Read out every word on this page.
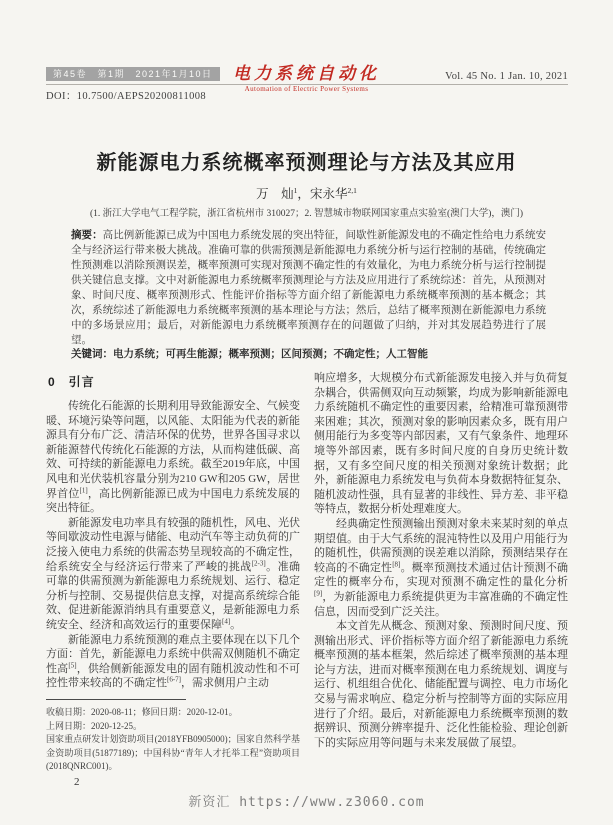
第45卷　第1期　2021年1月10日
DOI：10.7500/AEPS20200811008
电力系统自动化
Automation of Electric Power Systems
Vol. 45 No. 1 Jan. 10, 2021
新能源电力系统概率预测理论与方法及其应用
万　灿$^1$，宋永华$^{2,1}$
(1. 浙江大学电气工程学院，浙江省杭州市 310027；2. 智慧城市物联网国家重点实验室(澳门大学)，澳门)
摘要：高比例新能源已成为中国电力系统发展的突出特征，间歇性新能源发电的不确定性给电力系统安全与经济运行带来极大挑战。准确可靠的供需预测是新能源电力系统分析与运行控制的基础，传统确定性预测难以消除预测误差，概率预测可实现对预测不确定性的有效量化，为电力系统分析与运行控制提供关键信息支撑。文中对新能源电力系统概率预测理论与方法及应用进行了系统综述：首先，从预测对象、时间尺度、概率预测形式、性能评价指标等方面介绍了新能源电力系统概率预测的基本概念；其次，系统综述了新能源电力系统概率预测的基本理论与方法；然后，总结了概率预测在新能源电力系统中的多场景应用；最后，对新能源电力系统概率预测存在的问题做了归纳，并对其发展趋势进行了展望。
关键词：电力系统；可再生能源；概率预测；区间预测；不确定性；人工智能
0　引言

传统化石能源的长期利用导致能源安全、气候变暖、环境污染等问题，以风能、太阳能为代表的新能源具有分布广泛、清洁环保的优势，世界各国寻求以新能源替代传统化石能源的方法，从而构建低碳、高效、可持续的新能源电力系统。截至2019年底，中国风电和光伏装机容量分别为210 GW和205 GW，居世界首位[1]，高比例新能源已成为中国电力系统发展的突出特征。

新能源发电功率具有较强的随机性，风电、光伏等间歇波动性电源与储能、电动汽车等主动负荷的广泛接入使电力系统的供需态势呈现较高的不确定性，给系统安全与经济运行带来了严峻的挑战[2-3]。准确可靠的供需预测为新能源电力系统规划、运行、稳定分析与控制、交易提供信息支撑，对提高系统综合能效、促进新能源消纳具有重要意义，是新能源电力系统安全、经济和高效运行的重要保障[4]。

新能源电力系统预测的难点主要体现在以下几个方面：首先，新能源电力系统中供需双侧随机不确定性高[5]，供给侧新能源发电的固有随机波动性和不可控性带来较高的不确定性[6-7]，需求侧用户主动

响应增多，大规模分布式新能源发电接入并与负荷复杂耦合，供需侧双向互动频繁，均成为影响新能源电力系统随机不确定性的重要因素，给精准可靠预测带来困难；其次，预测对象的影响因素众多，既有用户侧用能行为多变等内部因素，又有气象条件、地理环境等外部因素，既有多时间尺度的自身历史统计数据，又有多空间尺度的相关预测对象统计数据；此外，新能源电力系统发电与负荷本身数据特征复杂、随机波动性强，具有显著的非线性、异方差、非平稳等特点，数据分析处理难度大。

经典确定性预测输出预测对象未来某时刻的单点期望值。由于大气系统的混沌特性以及用户用能行为的随机性，供需预测的误差难以消除，预测结果存在较高的不确定性[8]。概率预测技术通过估计预测不确定性的概率分布，实现对预测不确定性的量化分析[9]，为新能源电力系统提供更为丰富准确的不确定性信息，因而受到广泛关注。

本文首先从概念、预测对象、预测时间尺度、预测输出形式、评价指标等方面介绍了新能源电力系统概率预测的基本框架，然后综述了概率预测的基本理论与方法，进而对概率预测在电力系统规划、调度与运行、机组组合优化、储能配置与调控、电力市场化交易与需求响应、稳定分析与控制等方面的实际应用进行了介绍。最后，对新能源电力系统概率预测的数据辨识、预测分辨率提升、泛化性能检验、理论创新下的实际应用等问题与未来发展做了展望。

收稿日期：2020-08-11；修回日期：2020-12-01。
上网日期：2020-12-25。
国家重点研发计划资助项目(2018YFB0905000)；国家自然科学基金资助项目(51877189)；中国科协“青年人才托举工程”资助项目(2018QNRC001)。
2
新资汇 https://www.z3060.com
